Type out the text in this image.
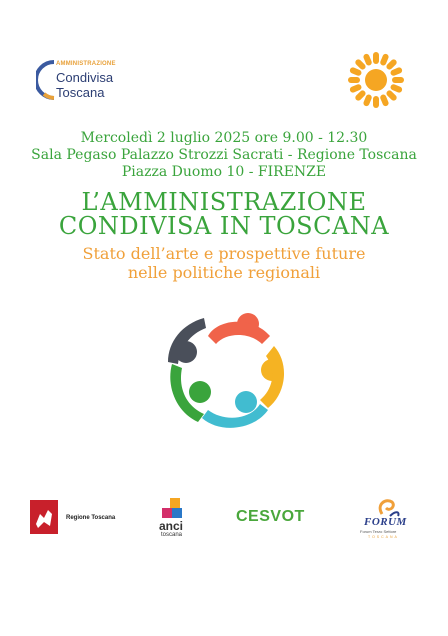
AMMINISTRAZIONE
Condivisa
Toscana
Mercoledì 2 luglio 2025 ore 9.00 - 12.30
Sala Pegaso Palazzo Strozzi Sacrati - Regione Toscana
Piazza Duomo 10 - FIRENZE
L’AMMINISTRAZIONE
CONDIVISA IN TOSCANA
Stato dell’arte e prospettive future
nelle politiche regionali
Regione Toscana
anci
toscana
CESVOT	FORUM
Forum Terzo Settore
TOSCANA
